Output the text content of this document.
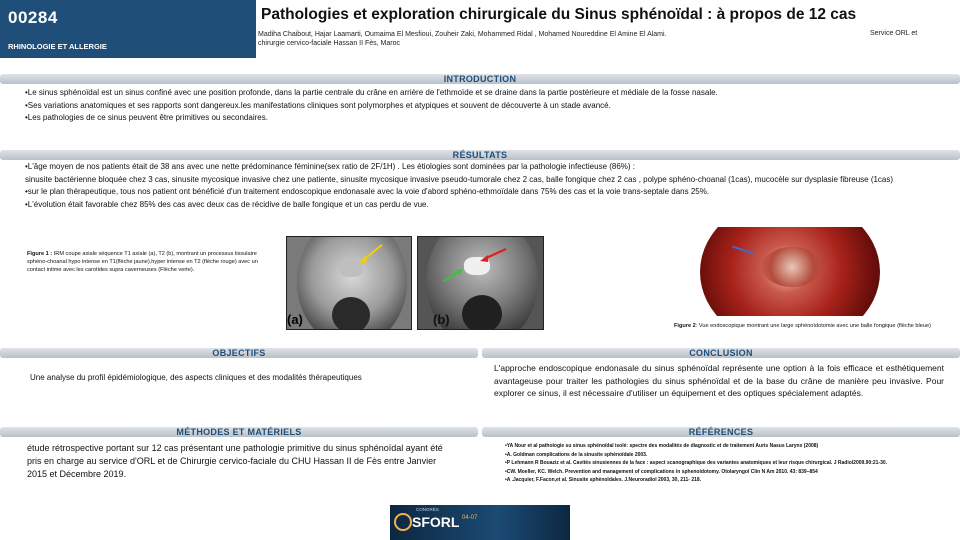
00284
RHINOLOGIE ET ALLERGIE
Pathologies et exploration chirurgicale du Sinus sphénoïdal : à propos de 12 cas
Madiha Chaibout, Hajar Laamarti, Oumaima El Mesfioui, Zouheir Zaki, Mohammed Ridal , Mohamed Noureddine El Amine El Alami.
chirurgie cervico-faciale Hassan II Fès, Maroc
Service ORL et
INTRODUCTION

•Le sinus sphénoïdal est un sinus confiné avec une position profonde, dans la partie centrale du crâne en arrière de l'ethmoïde et se draine dans la partie postérieure et médiale de la fosse nasale.

•Ses variations anatomiques et ses rapports sont dangereux.les manifestations cliniques sont polymorphes et atypiques et souvent de découverte à un stade avancé.

•Les pathologies de ce sinus peuvent être primitives ou secondaires.

RÉSULTATS

•L'âge moyen de nos patients était de 38 ans avec une nette prédominance féminine(sex ratio de 2F/1H) . Les étiologies sont dominées par la pathologie infectieuse (86%) :

sinusite bactérienne bloquée chez 3 cas, sinusite mycosique invasive chez une patiente, sinusite mycosique invasive pseudo-tumorale chez 2 cas, balle fongique chez 2 cas , polype sphéno-choanal (1cas), mucocèle sur dysplasie fibreuse (1cas)

•sur le plan thérapeutique, tous nos patient ont bénéficié d'un traitement endoscopique endonasale avec la voie d'abord sphéno-ethmoïdale dans 75% des cas et la voie trans-septale dans 25%.

•L'évolution était favorable chez 85% des cas avec deux cas de récidive de balle fongique et un cas perdu de vue.

Figure 1 : IRM coupe axiale séquence T1 axiale (a), T2 (b), montrant un processus tissulaire sphéno-choanal hypo intense en T1(flèche jaune),hyper intense en T2 (flèche rouge) avec un contact intime avec les carotides supra caverneuses (Flèche verte).
(a)	(b)	Figure 2: Vue endoscopique montrant une large sphénoïdotomie avec une balle fongique (flèche bleue)
OBJECTIFS
Une analyse du profil épidémiologique, des aspects cliniques et des modalités thérapeutiques
CONCLUSION
L'approche endoscopique endonasale du sinus sphénoïdal représente une option à la fois efficace et esthétiquement avantageuse pour traiter les pathologies du sinus sphénoïdal et de la base du crâne de manière peu invasive. Pour explorer ce sinus, il est nécessaire d'utiliser un équipement et des optiques spécialement adaptés.
MÉTHODES ET MATÉRIELS
étude rétrospective portant sur 12 cas présentant une pathologie primitive du sinus sphénoïdal ayant été pris en charge au service d'ORL et de Chirurgie cervico-faciale du CHU Hassan II de Fès entre Janvier 2015 et Décembre 2019.
RÉFÉRENCES
•YA Nour et al pathologie su sinus sphénoïdal isolé: spectre des modalités de diagnostic et de traitement Auris Nasus Larynx (2008)
•A. Goldman complications de la sinusite sphénoïdale 2003.
•P Lehmann R Bouaziz et al. Cavités sinusiennes de la face : aspect scanographique des variantes anatomiques et leur risque chirurgical. J Radiol2009.90:21-30.
•CW. Moeller, KC. Welch. Prevention and management of complications in sphenoidotomy. Otolaryngol Clin N Am 2010. 43: 839–854
•A .Jacquier, F.Facon,et al. Sinusite sphénoïdales. J.Neuroradiol 2003, 30, 211- 218.
CONGRÈS
SFORL 04-07
